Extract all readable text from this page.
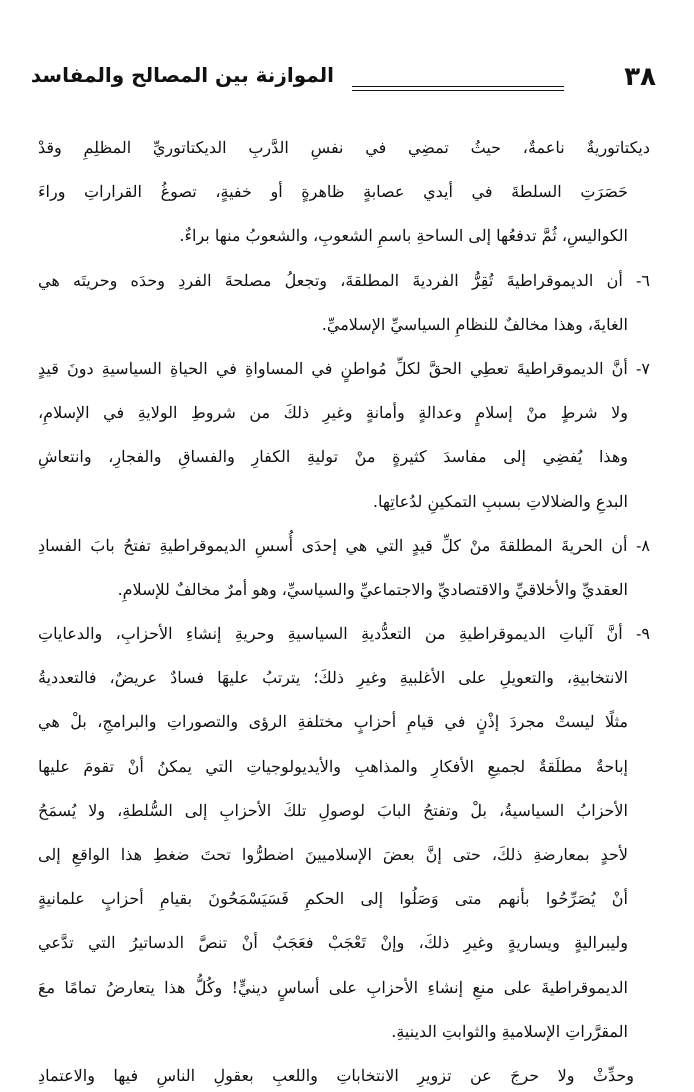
٣٨
الموازنة بين المصالح والمفاسد
ديكتاتوريةٌ ناعمةٌ، حيثُ تمضِي في نفسِ الدَّربِ الديكتاتوريِّ المظلِمِ وقدْ
حَصَرَتِ السلطةَ في أيدي عصابةٍ ظاهرةٍ أو خفيةٍ، تصوغُ القراراتِ وراءَ
الكواليسِ، ثُمَّ تدفعُها إلى الساحةِ باسمِ الشعوبِ، والشعوبُ منها براءٌ.
٦- أن الديموقراطيةَ تُقِرُّ الفرديةَ المطلقةَ، وتجعلُ مصلحةَ الفردِ وحدَه وحريتَه هي
الغايةَ، وهذا مخالفٌ للنظامِ السياسيِّ الإسلاميِّ.
٧- أنَّ الديموقراطيةَ تعطِي الحقَّ لكلِّ مُواطنٍ في المساواةِ في الحياةِ السياسيةِ دونَ قيدٍ
ولا شرطٍ منْ إسلامٍ وعدالةٍ وأمانةٍ وغيرِ ذلكَ من شروطِ الولايةِ في الإسلامِ،
وهذا يُفضِي إلى مفاسدَ كثيرةٍ منْ توليةِ الكفارِ والفساقِ والفجارِ، وانتعاشِ
البدعِ والضلالاتِ بسببِ التمكينِ لدُعاتِها.
٨- أن الحريةَ المطلقةَ منْ كلِّ قيدٍ التي هي إحدَى أُسسِ الديموقراطيةِ تفتحُ بابَ الفسادِ
العقديِّ والأخلاقيِّ والاقتصاديِّ والاجتماعيِّ والسياسيِّ، وهو أمرٌ مخالفٌ للإسلامِ.
٩- أنَّ آلياتِ الديموقراطيةِ من التعدُّديةِ السياسيةِ وحريةِ إنشاءِ الأحزابِ، والدعاياتِ
الانتخابيةِ، والتعويلِ على الأغلبيةِ وغيرِ ذلكَ؛ يترتبُ عليهَا فسادٌ عريضٌ، فالتعدديةُ
مثلًا ليستْ مجردَ إذْنٍ في قيامِ أحزابٍ مختلفةِ الرؤى والتصوراتِ والبرامجِ، بلْ هي
إباحةٌ مطلَقةٌ لجميعِ الأفكارِ والمذاهبِ والأيديولوجياتِ التي يمكنُ أنْ تقومَ عليها
الأحزابُ السياسيةُ، بلْ وتفتحُ البابَ لوصولِ تلكَ الأحزابِ إلى السُّلطةِ، ولا يُسمَحُ
لأحدٍ بمعارضةِ ذلكَ، حتى إنَّ بعضَ الإسلاميينَ اضطرُّوا تحتَ ضغطِ هذا الواقعِ إلى
أنْ يُصَرِّحُوا بأنهم متى وَصَلُوا إلى الحكمِ فَسَيَسْمَحُونَ بقيامِ أحزابٍ علمانيةٍ
وليبراليةٍ ويساريةٍ وغيرِ ذلكَ، وإنْ تَعْجَبْ فعَجَبٌ أنْ تنصَّ الدساتيرُ التي تدَّعي
الديموقراطيةَ على منعِ إنشاءِ الأحزابِ على أساسٍ دينيٍّ! وكُلُّ هذا يتعارضُ تمامًا معَ
المقرَّراتِ الإسلاميةِ والثوابتِ الدينيةِ.
وحدِّثْ ولا حرجَ عن تزويرِ الانتخاباتِ واللعبِ بعقولِ الناسِ فيها والاعتمادِ
